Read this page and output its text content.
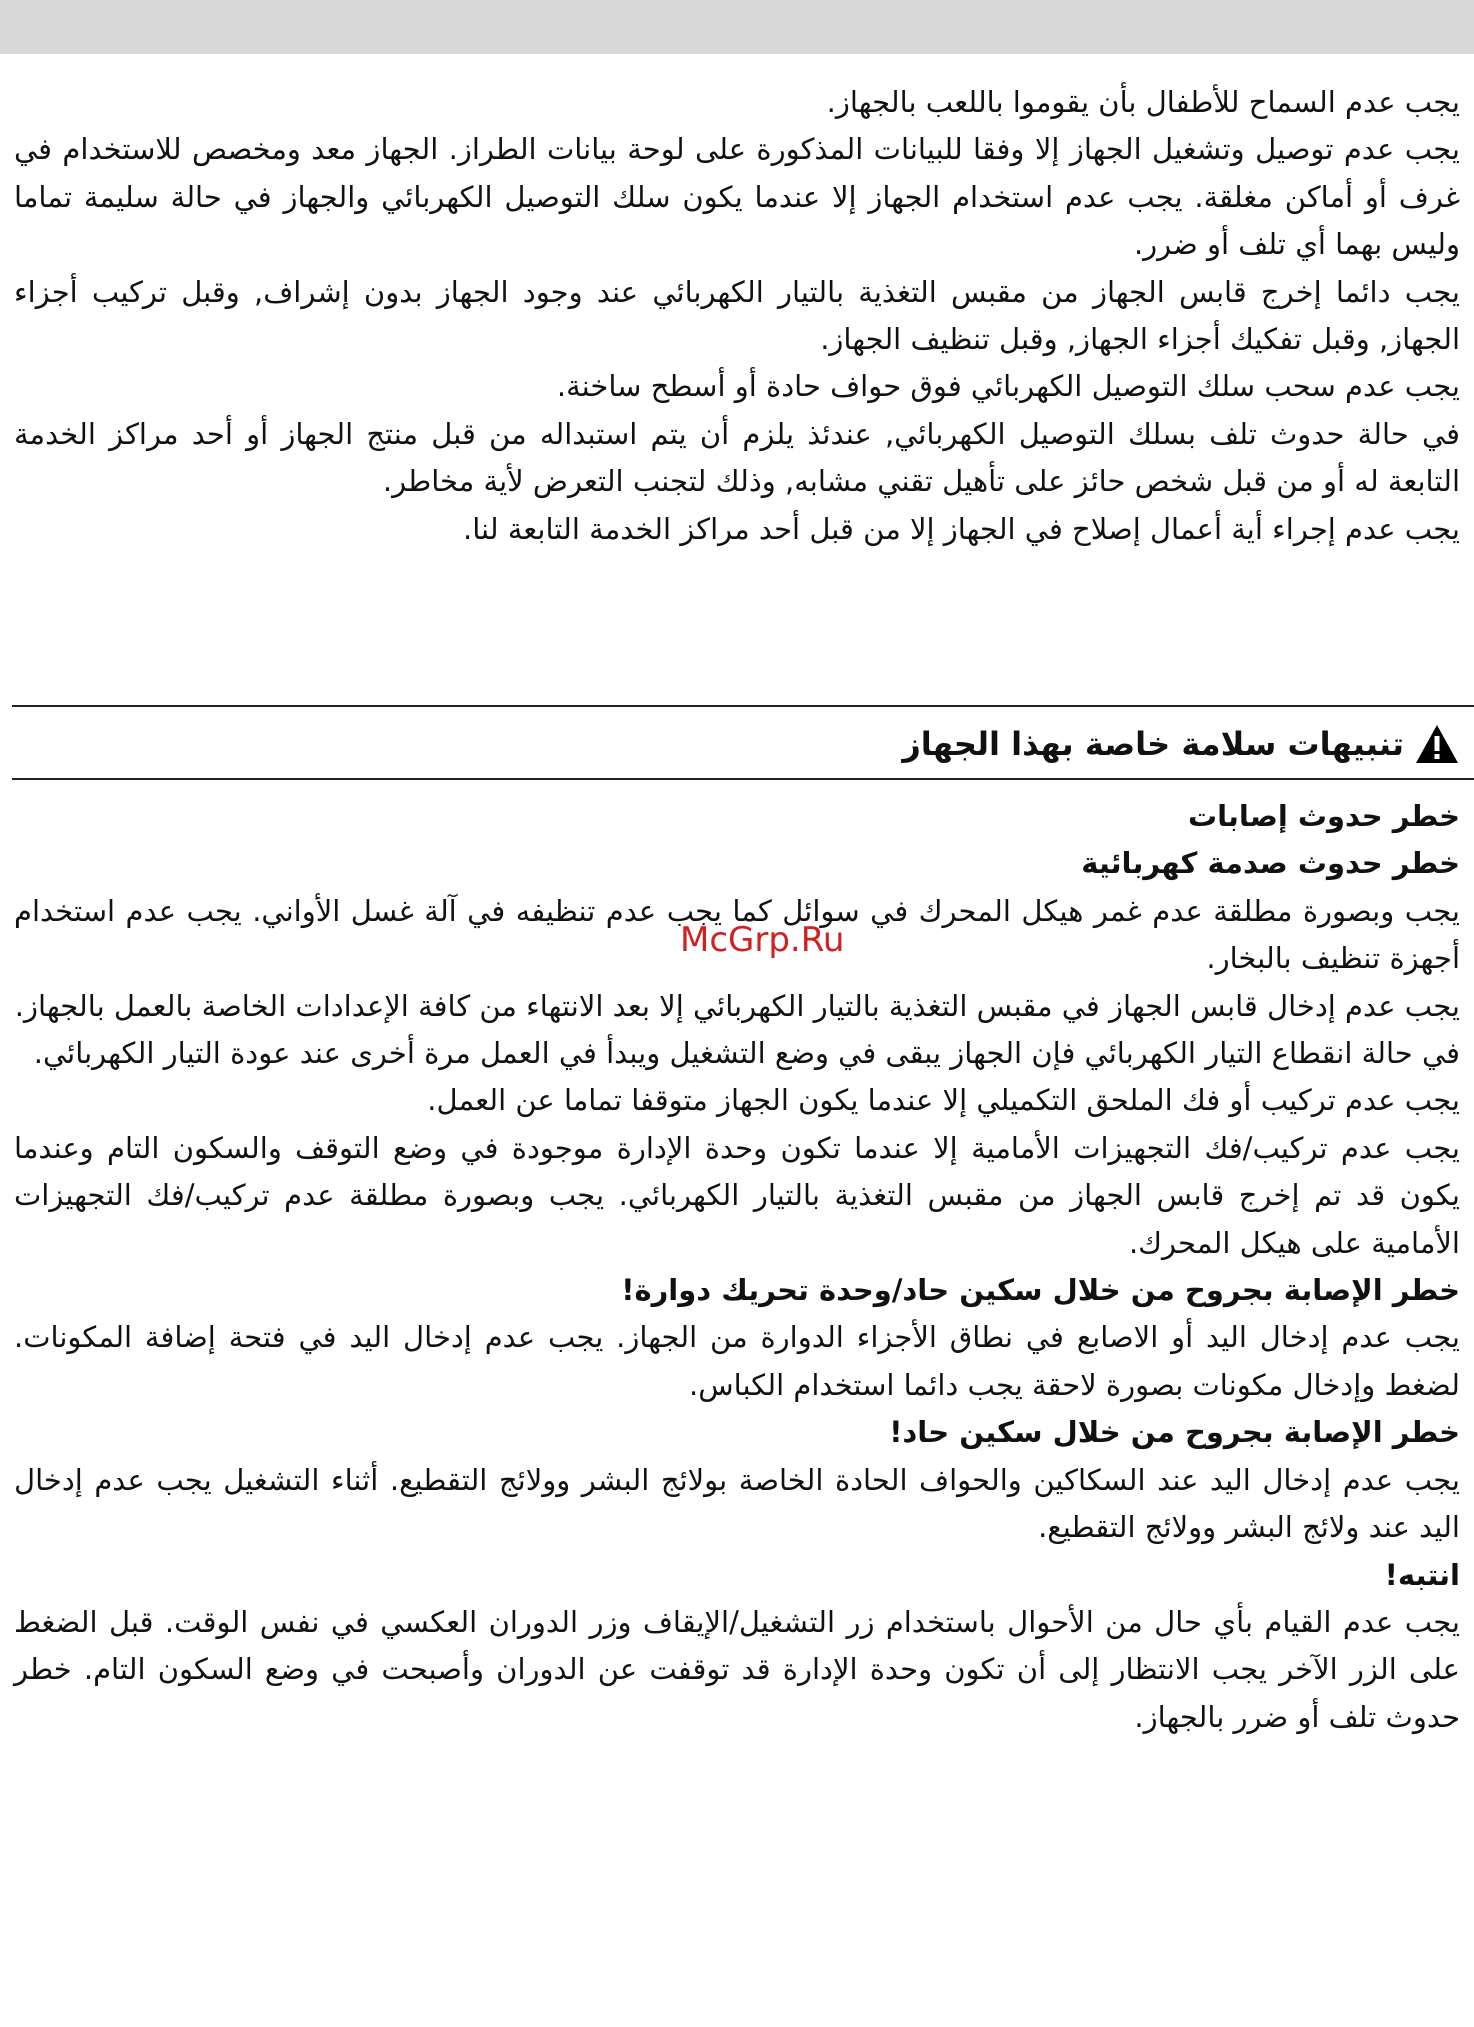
يجب عدم السماح للأطفال بأن يقوموا باللعب بالجهاز.

يجب عدم توصيل وتشغيل الجهاز إلا وفقا للبيانات المذكورة على لوحة بيانات الطراز. الجهاز معد ومخصص للاستخدام في غرف أو أماكن مغلقة. يجب عدم استخدام الجهاز إلا عندما يكون سلك التوصيل الكهربائي والجهاز في حالة سليمة تماما وليس بهما أي تلف أو ضرر.

يجب دائما إخرج قابس الجهاز من مقبس التغذية بالتيار الكهربائي عند وجود الجهاز بدون إشراف, وقبل تركيب أجزاء الجهاز, وقبل تفكيك أجزاء الجهاز, وقبل تنظيف الجهاز.

يجب عدم سحب سلك التوصيل الكهربائي فوق حواف حادة أو أسطح ساخنة.

في حالة حدوث تلف بسلك التوصيل الكهربائي, عندئذ يلزم أن يتم استبداله من قبل منتج الجهاز أو أحد مراكز الخدمة التابعة له أو من قبل شخص حائز على تأهيل تقني مشابه, وذلك لتجنب التعرض لأية مخاطر.

يجب عدم إجراء أية أعمال إصلاح في الجهاز إلا من قبل أحد مراكز الخدمة التابعة لنا.

تنبيهات سلامة خاصة بهذا الجهاز

خطر حدوث إصابات

خطر حدوث صدمة كهربائية

يجب وبصورة مطلقة عدم غمر هيكل المحرك في سوائل كما يجب عدم تنظيفه في آلة غسل الأواني. يجب عدم استخدام أجهزة تنظيف بالبخار.

يجب عدم إدخال قابس الجهاز في مقبس التغذية بالتيار الكهربائي إلا بعد الانتهاء من كافة الإعدادات الخاصة بالعمل بالجهاز.

في حالة انقطاع التيار الكهربائي فإن الجهاز يبقى في وضع التشغيل ويبدأ في العمل مرة أخرى عند عودة التيار الكهربائي.

يجب عدم تركيب أو فك الملحق التكميلي إلا عندما يكون الجهاز متوقفا تماما عن العمل.

يجب عدم تركيب/فك التجهيزات الأمامية إلا عندما تكون وحدة الإدارة موجودة في وضع التوقف والسكون التام وعندما يكون قد تم إخرج قابس الجهاز من مقبس التغذية بالتيار الكهربائي. يجب وبصورة مطلقة عدم تركيب/فك التجهيزات الأمامية على هيكل المحرك.

خطر الإصابة بجروح من خلال سكين حاد/وحدة تحريك دوارة!

يجب عدم إدخال اليد أو الاصابع في نطاق الأجزاء الدوارة من الجهاز. يجب عدم إدخال اليد في فتحة إضافة المكونات. لضغط وإدخال مكونات بصورة لاحقة يجب دائما استخدام الكباس.

خطر الإصابة بجروح من خلال سكين حاد!

يجب عدم إدخال اليد عند السكاكين والحواف الحادة الخاصة بولائج البشر وولائج التقطيع. أثناء التشغيل يجب عدم إدخال اليد عند ولائج البشر وولائج التقطيع.

انتبه!

يجب عدم القيام بأي حال من الأحوال باستخدام زر التشغيل/الإيقاف وزر الدوران العكسي في نفس الوقت. قبل الضغط على الزر الآخر يجب الانتظار إلى أن تكون وحدة الإدارة قد توقفت عن الدوران وأصبحت في وضع السكون التام. خطر حدوث تلف أو ضرر بالجهاز.

McGrp.Ru
